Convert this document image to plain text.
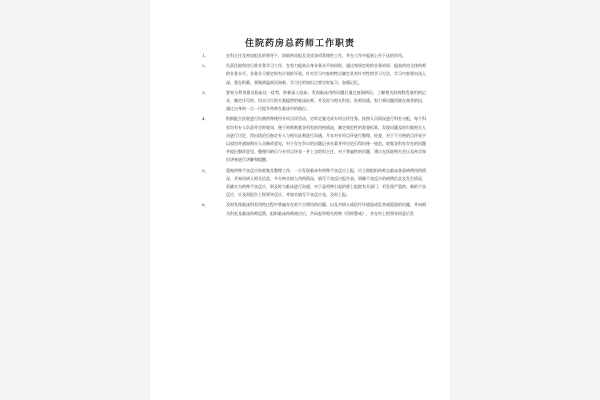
住院药房总药师工作职责
1、	在科主任及药房组长的领导下，协助药房组长完成各项常规性工作，并在工作中起到上传下达的作用。
2、	负责住院药房日常业务学习工作，在努力提高自身业务水平的同时，通过每周定时的业务培训，提高药房全体药师的业务水平。业务学习要定时有计划的开展，针对学习内容的特点制定具有针对性的学习方法，学习内容要由浅入深，重在积累，要做到温故而知新，学习过的知识点要定时复习，加强记忆。
3、	要充分利用靠近临床这一优势，积极深入临床，发现临床用药问题后通过查阅病历，了解相关的病程发展用药记录，制定详尽的、切实可行的方案提供给临床医师，并及时与相关科室、医师沟通，努力将问题消除在萌芽阶段，通过自身的一点一行提升药师在临床中的地位。
4、	积极配合医院进行抗菌药物使用专项点评活动，定时定量完成专项点评任务。按照人员情况进行科室分配，每个科室均有专人负责并定时轮岗，便于药师熟悉各科室的用药情况，制定规范性的督查标准，发现问题及时归集相关人员进行讨论，得出结论后指定专人与相关医师进行沟通。月末对专项点评进行整理、检查，对于不合格的点评表予以驳回并通知相关人员修改意见，对于存在争议的问题记录在案并经讨论后得出统一规范。收集各科室存在的问题并提出整改意见，整理归纳后与专项点评表一并上交给科主任，对于普遍性的问题，建议在医院相关会议及药学知识讲座进行讲解和提醒。
5、	重视药物不良反应的收集及整理工作，一旦发现临床有药物不良反应上报，应立即组织药师去临床查看病例用药情况，并询问病人相关信息，多方核实病人用药情况，填写不良反应报告表，明确不良反应的病例信息及发生情况，若确实为药物不良反应，则及时与临床进行沟通，对于是药物引起的要上报院有关部门，若发现严重的、新的不良反应，应及时报告上级领导反应，并如实填写不良反应表，及时上报。
6、	及时发现临床科室用药过程中普遍存在的不合理用药问题，以及对病人或医疗环境造成危害或隐患的问题，并向相关科室及临床药师反馈，组织临床药师商讨后，共同起草相关药物《用药警戒》，并在经上级领导同意后发
